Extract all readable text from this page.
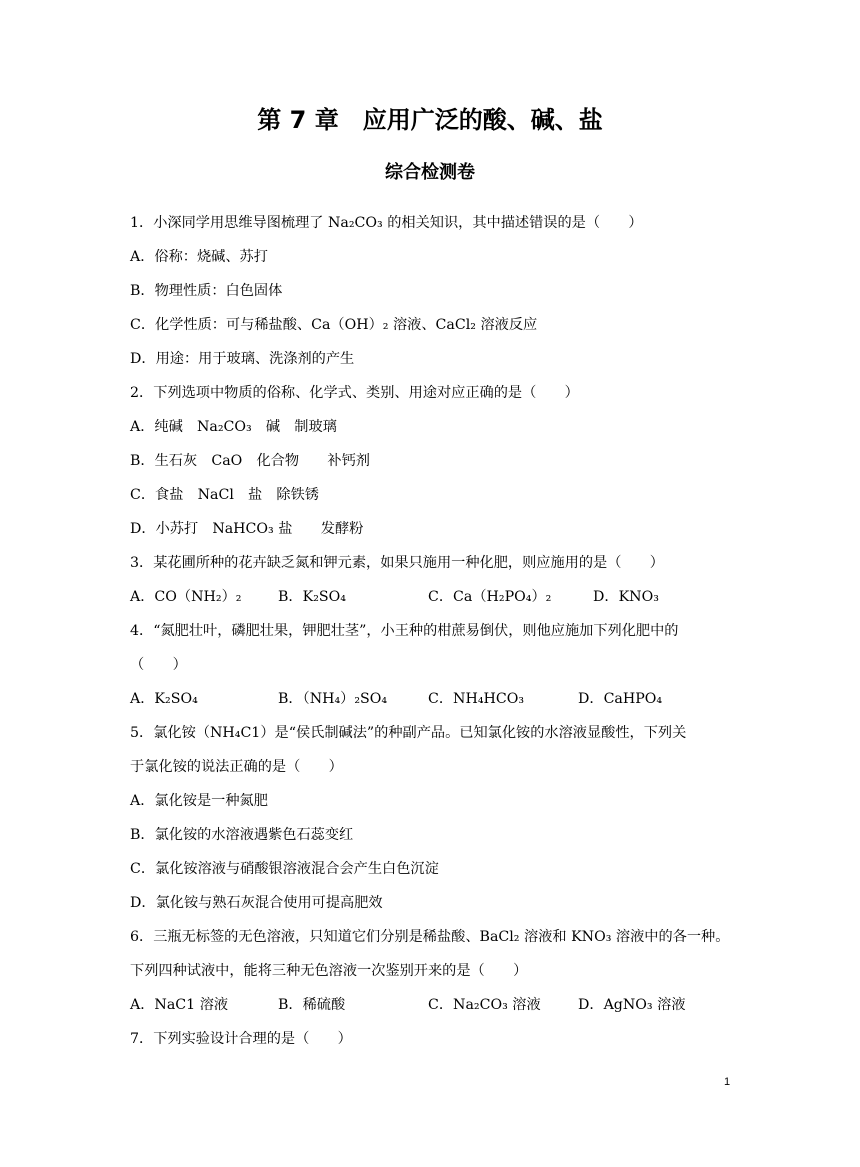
第 7 章　应用广泛的酸、碱、盐
综合检测卷
1．小深同学用思维导图梳理了 Na₂CO₃ 的相关知识，其中描述错误的是（　　）
A．俗称：烧碱、苏打
B．物理性质：白色固体
C．化学性质：可与稀盐酸、Ca（OH）₂ 溶液、CaCl₂ 溶液反应
D．用途：用于玻璃、洗涤剂的产生
2．下列选项中物质的俗称、化学式、类别、用途对应正确的是（　　）
A．纯碱　Na₂CO₃　碱　制玻璃
B．生石灰　CaO　化合物　　补钙剂
C．食盐　NaCl　盐　除铁锈
D．小苏打　NaHCO₃ 盐　　发酵粉
3．某花圃所种的花卉缺乏氮和钾元素，如果只施用一种化肥，则应施用的是（　　）
A．CO（NH₂）₂	B．K₂SO₄	C．Ca（H₂PO₄）₂	D．KNO₃
4．“氮肥壮叶，磷肥壮果，钾肥壮茎”，小王种的柑蔗易倒伏，则他应施加下列化肥中的
（　　）
A．K₂SO₄	B．（NH₄）₂SO₄	C．NH₄HCO₃	D．CaHPO₄
5．氯化铵（NH₄C1）是“侯氏制碱法”的种副产品。已知氯化铵的水溶液显酸性，下列关
于氯化铵的说法正确的是（　　）
A．氯化铵是一种氮肥
B．氯化铵的水溶液遇紫色石蕊变红
C．氯化铵溶液与硝酸银溶液混合会产生白色沉淀
D．氯化铵与熟石灰混合使用可提高肥效
6．三瓶无标签的无色溶液，只知道它们分别是稀盐酸、BaCl₂ 溶液和 KNO₃ 溶液中的各一种。
下列四种试液中，能将三种无色溶液一次鉴别开来的是（　　）
A．NaC1 溶液	B．稀硫酸	C．Na₂CO₃ 溶液	D．AgNO₃ 溶液
7．下列实验设计合理的是（　　）
1
